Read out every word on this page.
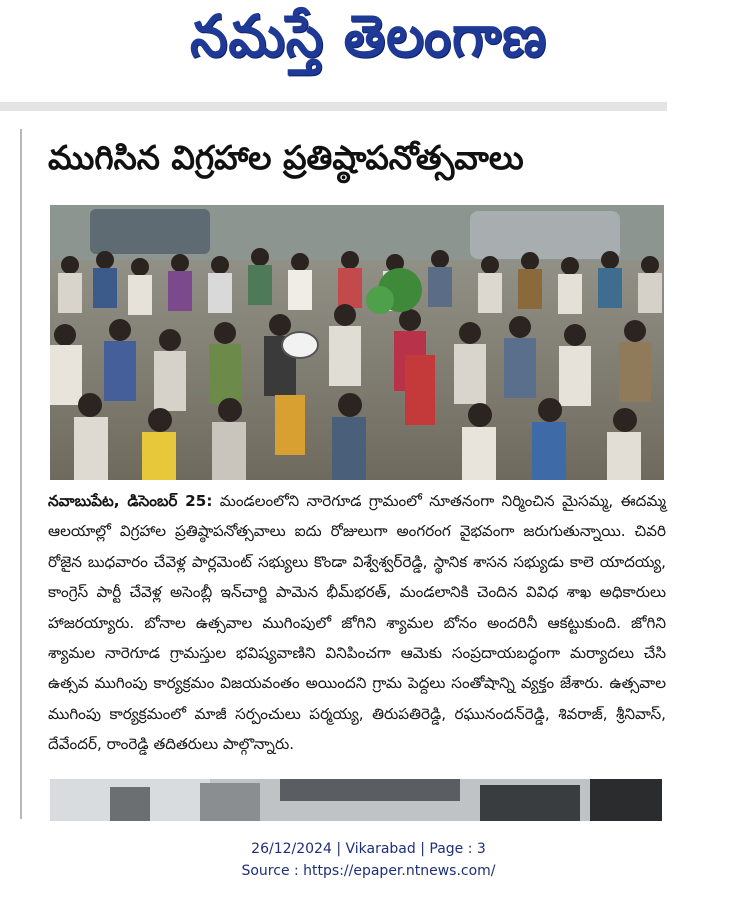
నమస్తే తెలంగాణ
ముగిసిన విగ్రహాల ప్రతిష్ఠాపనోత్సవాలు
నవాబుపేట, డిసెంబర్ 25: మండలంలోని నారెగూడ గ్రామంలో నూతనంగా నిర్మించిన మైసమ్మ, ఈదమ్మ ఆలయాల్లో విగ్రహాల ప్రతిష్ఠాపనోత్సవాలు ఐదు రోజులుగా అంగరంగ వైభవంగా జరుగుతున్నాయి. చివరి రోజైన బుధవారం చేవెళ్ల పార్లమెంట్ సభ్యులు కొండా విశ్వేశ్వర్‌రెడ్డి, స్థానిక శాసన సభ్యుడు కాలె యాదయ్య, కాంగ్రెస్ పార్టీ చేవెళ్ల అసెంబ్లీ ఇన్‌చార్జి పామెన భీమ్‌భరత్, మండలానికి చెందిన వివిధ శాఖ అధికారులు హాజరయ్యారు. బోనాల ఉత్సవాల ముగింపులో జోగిని శ్యామల బోనం అందరినీ ఆకట్టుకుంది. జోగిని శ్యామల నారెగూడ గ్రామస్తుల భవిష్యవాణిని వినిపించగా ఆమెకు సంప్రదాయబద్ధంగా మర్యాదలు చేసి ఉత్సవ ముగింపు కార్యక్రమం విజయవంతం అయిందని గ్రామ పెద్దలు సంతోషాన్ని వ్యక్తం జేశారు. ఉత్సవాల ముగింపు కార్యక్రమంలో మాజీ సర్పంచులు పర్మయ్య, తిరుపతిరెడ్డి, రఘునందన్‌రెడ్డి, శివరాజ్, శ్రీనివాస్, దేవేందర్, రాంరెడ్డి తదితరులు పాల్గొన్నారు.
26/12/2024 | Vikarabad | Page : 3
Source : https://epaper.ntnews.com/
